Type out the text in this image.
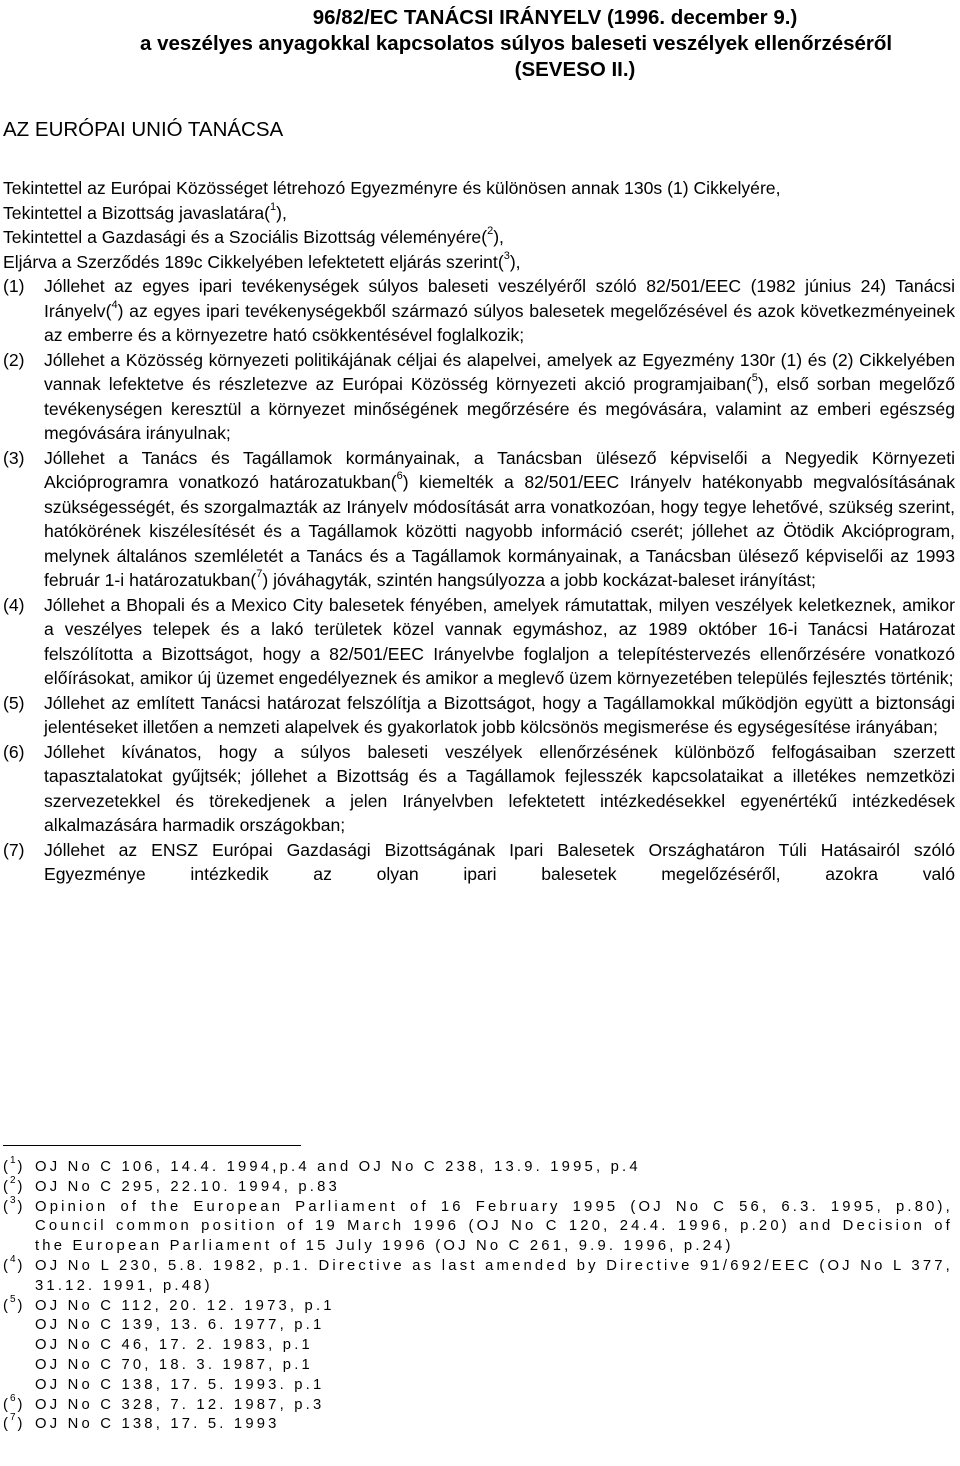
96/82/EC TANÁCSI IRÁNYELV (1996. december 9.)
a veszélyes anyagokkal kapcsolatos súlyos baleseti veszélyek ellenőrzéséről
(SEVESO II.)
AZ EURÓPAI UNIÓ TANÁCSA

Tekintettel az Európai Közösséget létrehozó Egyezményre és különösen annak 130s (1) Cikkelyére,

Tekintettel a Bizottság javaslatára($^1$),

Tekintettel a Gazdasági és a Szociális Bizottság véleményére($^2$),

Eljárva a Szerződés 189c Cikkelyében lefektetett eljárás szerint($^3$),

(1)	Jóllehet az egyes ipari tevékenységek súlyos baleseti veszélyéről szóló 82/501/EEC (1982 június 24) Tanácsi Irányelv($^4$) az egyes ipari tevékenységekből származó súlyos balesetek megelőzésével és azok következményeinek az emberre és a környezetre ható csökkentésével foglalkozik;
(2)	Jóllehet a Közösség környezeti politikájának céljai és alapelvei, amelyek az Egyezmény 130r (1) és (2) Cikkelyében vannak lefektetve és részletezve az Európai Közösség környezeti akció programjaiban($^5$), első sorban megelőző tevékenységen keresztül a környezet minőségének megőrzésére és megóvására, valamint az emberi egészség megóvására irányulnak;
(3)	Jóllehet a Tanács és Tagállamok kormányainak, a Tanácsban ülésező képviselői a Negyedik Környezeti Akcióprogramra vonatkozó határozatukban($^6$) kiemelték a 82/501/EEC Irányelv hatékonyabb megvalósításának szükségességét, és szorgalmazták az Irányelv módosítását arra vonatkozóan, hogy tegye lehetővé, szükség szerint, hatókörének kiszélesítését és a Tagállamok közötti nagyobb információ cserét; jóllehet az Ötödik Akcióprogram, melynek általános szemléletét a Tanács és a Tagállamok kormányainak, a Tanácsban ülésező képviselői az 1993 február 1-i határozatukban($^7$) jóváhagyták, szintén hangsúlyozza a jobb kockázat-baleset irányítást;
(4)	Jóllehet a Bhopali és a Mexico City balesetek fényében, amelyek rámutattak, milyen veszélyek keletkeznek, amikor a veszélyes telepek és a lakó területek közel vannak egymáshoz, az 1989 október 16-i Tanácsi Határozat felszólította a Bizottságot, hogy a 82/501/EEC Irányelvbe foglaljon a telepítéstervezés ellenőrzésére vonatkozó előírásokat, amikor új üzemet engedélyeznek és amikor a meglevő üzem környezetében település fejlesztés történik;
(5)	Jóllehet az említett Tanácsi határozat felszólítja a Bizottságot, hogy a Tagállamokkal működjön együtt a biztonsági jelentéseket illetően a nemzeti alapelvek és gyakorlatok jobb kölcsönös megismerése és egységesítése irányában;
(6)	Jóllehet kívánatos, hogy a súlyos baleseti veszélyek ellenőrzésének különböző felfogásaiban szerzett tapasztalatokat gyűjtsék; jóllehet a Bizottság és a Tagállamok fejlesszék kapcsolataikat a illetékes nemzetközi szervezetekkel és törekedjenek a jelen Irányelvben lefektetett intézkedésekkel egyenértékű intézkedések alkalmazására harmadik országokban;
(7)	Jóllehet az ENSZ Európai Gazdasági Bizottságának Ipari Balesetek Országhatáron Túli Hatásairól szóló Egyezménye intézkedik az olyan ipari balesetek megelőzéséről, azokra való
($^1$) OJ No C 106, 14.4. 1994,p.4 and OJ No C 238, 13.9. 1995, p.4
($^2$) OJ No C 295, 22.10. 1994, p.83
($^3$) Opinion of the European Parliament of 16 February 1995 (OJ No C 56, 6.3. 1995, p.80), Council common position of 19 March 1996 (OJ No C 120, 24.4. 1996, p.20) and Decision of the European Parliament of 15 July 1996 (OJ No C 261, 9.9. 1996, p.24)
($^4$) OJ No L 230, 5.8. 1982, p.1. Directive as last amended by Directive 91/692/EEC (OJ No L 377, 31.12. 1991, p.48)
($^5$) OJ No C 112, 20. 12. 1973, p.1
OJ No C 139, 13. 6. 1977, p.1
OJ No C 46, 17. 2. 1983, p.1
OJ No C 70, 18. 3. 1987, p.1
OJ No C 138, 17. 5. 1993. p.1
($^6$) OJ No C 328, 7. 12. 1987, p.3
($^7$) OJ No C 138, 17. 5. 1993
